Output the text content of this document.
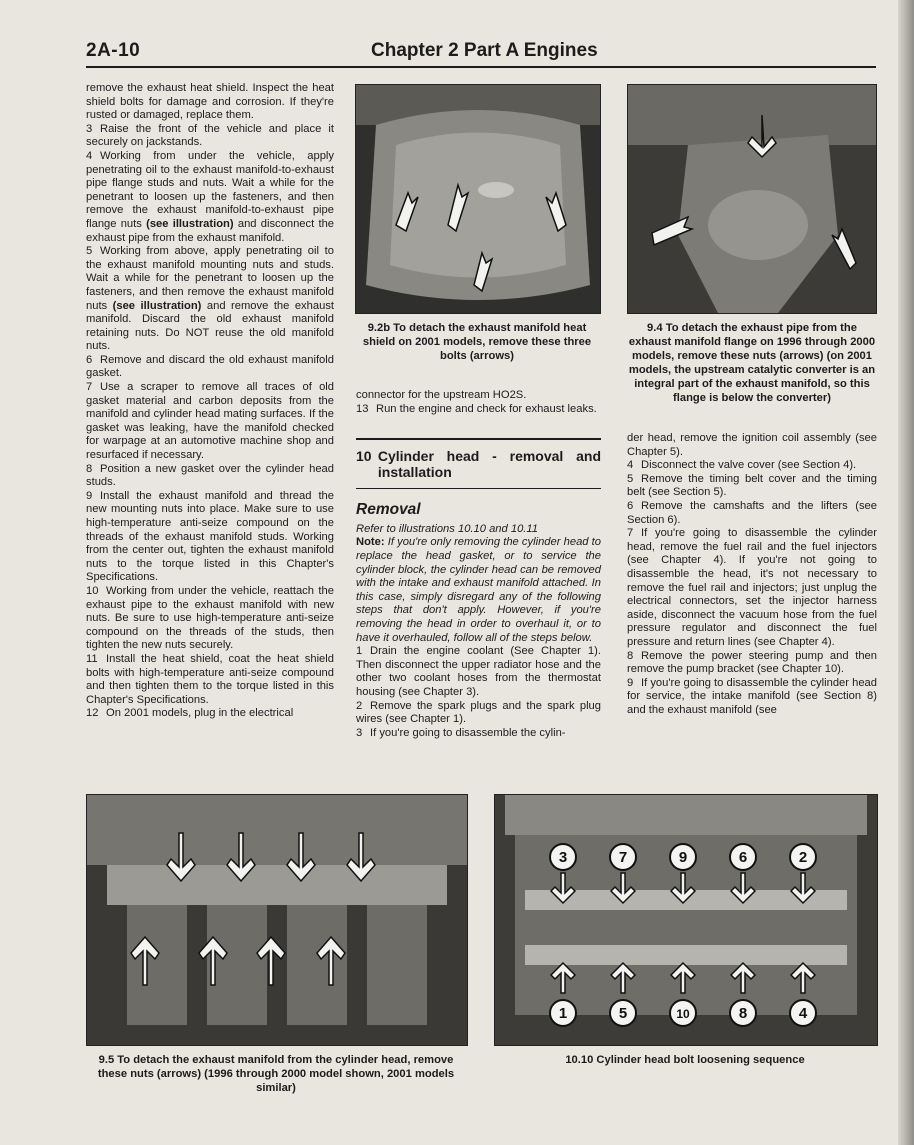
2A-10	Chapter 2 Part A Engines

remove the exhaust heat shield. Inspect the heat shield bolts for damage and corrosion. If they're rusted or damaged, replace them.

3 Raise the front of the vehicle and place it securely on jackstands.

4 Working from under the vehicle, apply penetrating oil to the exhaust manifold-to-exhaust pipe flange studs and nuts. Wait a while for the penetrant to loosen up the fasteners, and then remove the exhaust manifold-to-exhaust pipe flange nuts (see illustration) and disconnect the exhaust pipe from the exhaust manifold.

5 Working from above, apply penetrating oil to the exhaust manifold mounting nuts and studs. Wait a while for the penetrant to loosen up the fasteners, and then remove the exhaust manifold nuts (see illustration) and remove the exhaust manifold. Discard the old exhaust manifold retaining nuts. Do NOT reuse the old manifold nuts.

6 Remove and discard the old exhaust manifold gasket.

7 Use a scraper to remove all traces of old gasket material and carbon deposits from the manifold and cylinder head mating surfaces. If the gasket was leaking, have the manifold checked for warpage at an automotive machine shop and resurfaced if necessary.

8 Position a new gasket over the cylinder head studs.

9 Install the exhaust manifold and thread the new mounting nuts into place. Make sure to use high-temperature anti-seize compound on the threads of the exhaust manifold studs. Working from the center out, tighten the exhaust manifold nuts to the torque listed in this Chapter's Specifications.

10 Working from under the vehicle, reattach the exhaust pipe to the exhaust manifold with new nuts. Be sure to use high-temperature anti-seize compound on the threads of the studs, then tighten the new nuts securely.

11 Install the heat shield, coat the heat shield bolts with high-temperature anti-seize compound and then tighten them to the torque listed in this Chapter's Specifications.

12 On 2001 models, plug in the electrical

9.2b To detach the exhaust manifold heat shield on 2001 models, remove these three bolts (arrows)
9.4 To detach the exhaust pipe from the exhaust manifold flange on 1996 through 2000 models, remove these nuts (arrows) (on 2001 models, the upstream catalytic converter is an integral part of the exhaust manifold, so this flange is below the converter)

connector for the upstream HO2S.

13 Run the engine and check for exhaust leaks.

10 Cylinder head - removal and installation
Removal

Refer to illustrations 10.10 and 10.11

Note: If you're only removing the cylinder head to replace the head gasket, or to service the cylinder block, the cylinder head can be removed with the intake and exhaust manifold attached. In this case, simply disregard any of the following steps that don't apply. However, if you're removing the head in order to overhaul it, or to have it overhauled, follow all of the steps below.

1 Drain the engine coolant (See Chapter 1). Then disconnect the upper radiator hose and the other two coolant hoses from the thermostat housing (see Chapter 3).

2 Remove the spark plugs and the spark plug wires (see Chapter 1).

3 If you're going to disassemble the cylin-

der head, remove the ignition coil assembly (see Chapter 5).

4 Disconnect the valve cover (see Section 4).

5 Remove the timing belt cover and the timing belt (see Section 5).

6 Remove the camshafts and the lifters (see Section 6).

7 If you're going to disassemble the cylinder head, remove the fuel rail and the fuel injectors (see Chapter 4). If you're not going to disassemble the head, it's not necessary to remove the fuel rail and injectors; just unplug the electrical connectors, set the injector harness aside, disconnect the vacuum hose from the fuel pressure regulator and disconnect the fuel pressure and return lines (see Chapter 4).

8 Remove the power steering pump and then remove the pump bracket (see Chapter 10).

9 If you're going to disassemble the cylinder head for service, the intake manifold (see Section 8) and the exhaust manifold (see

9.5 To detach the exhaust manifold from the cylinder head, remove these nuts (arrows) (1996 through 2000 model shown, 2001 models similar)
3	7	9	6	2
1	5	10	8	4
10.10 Cylinder head bolt loosening sequence
